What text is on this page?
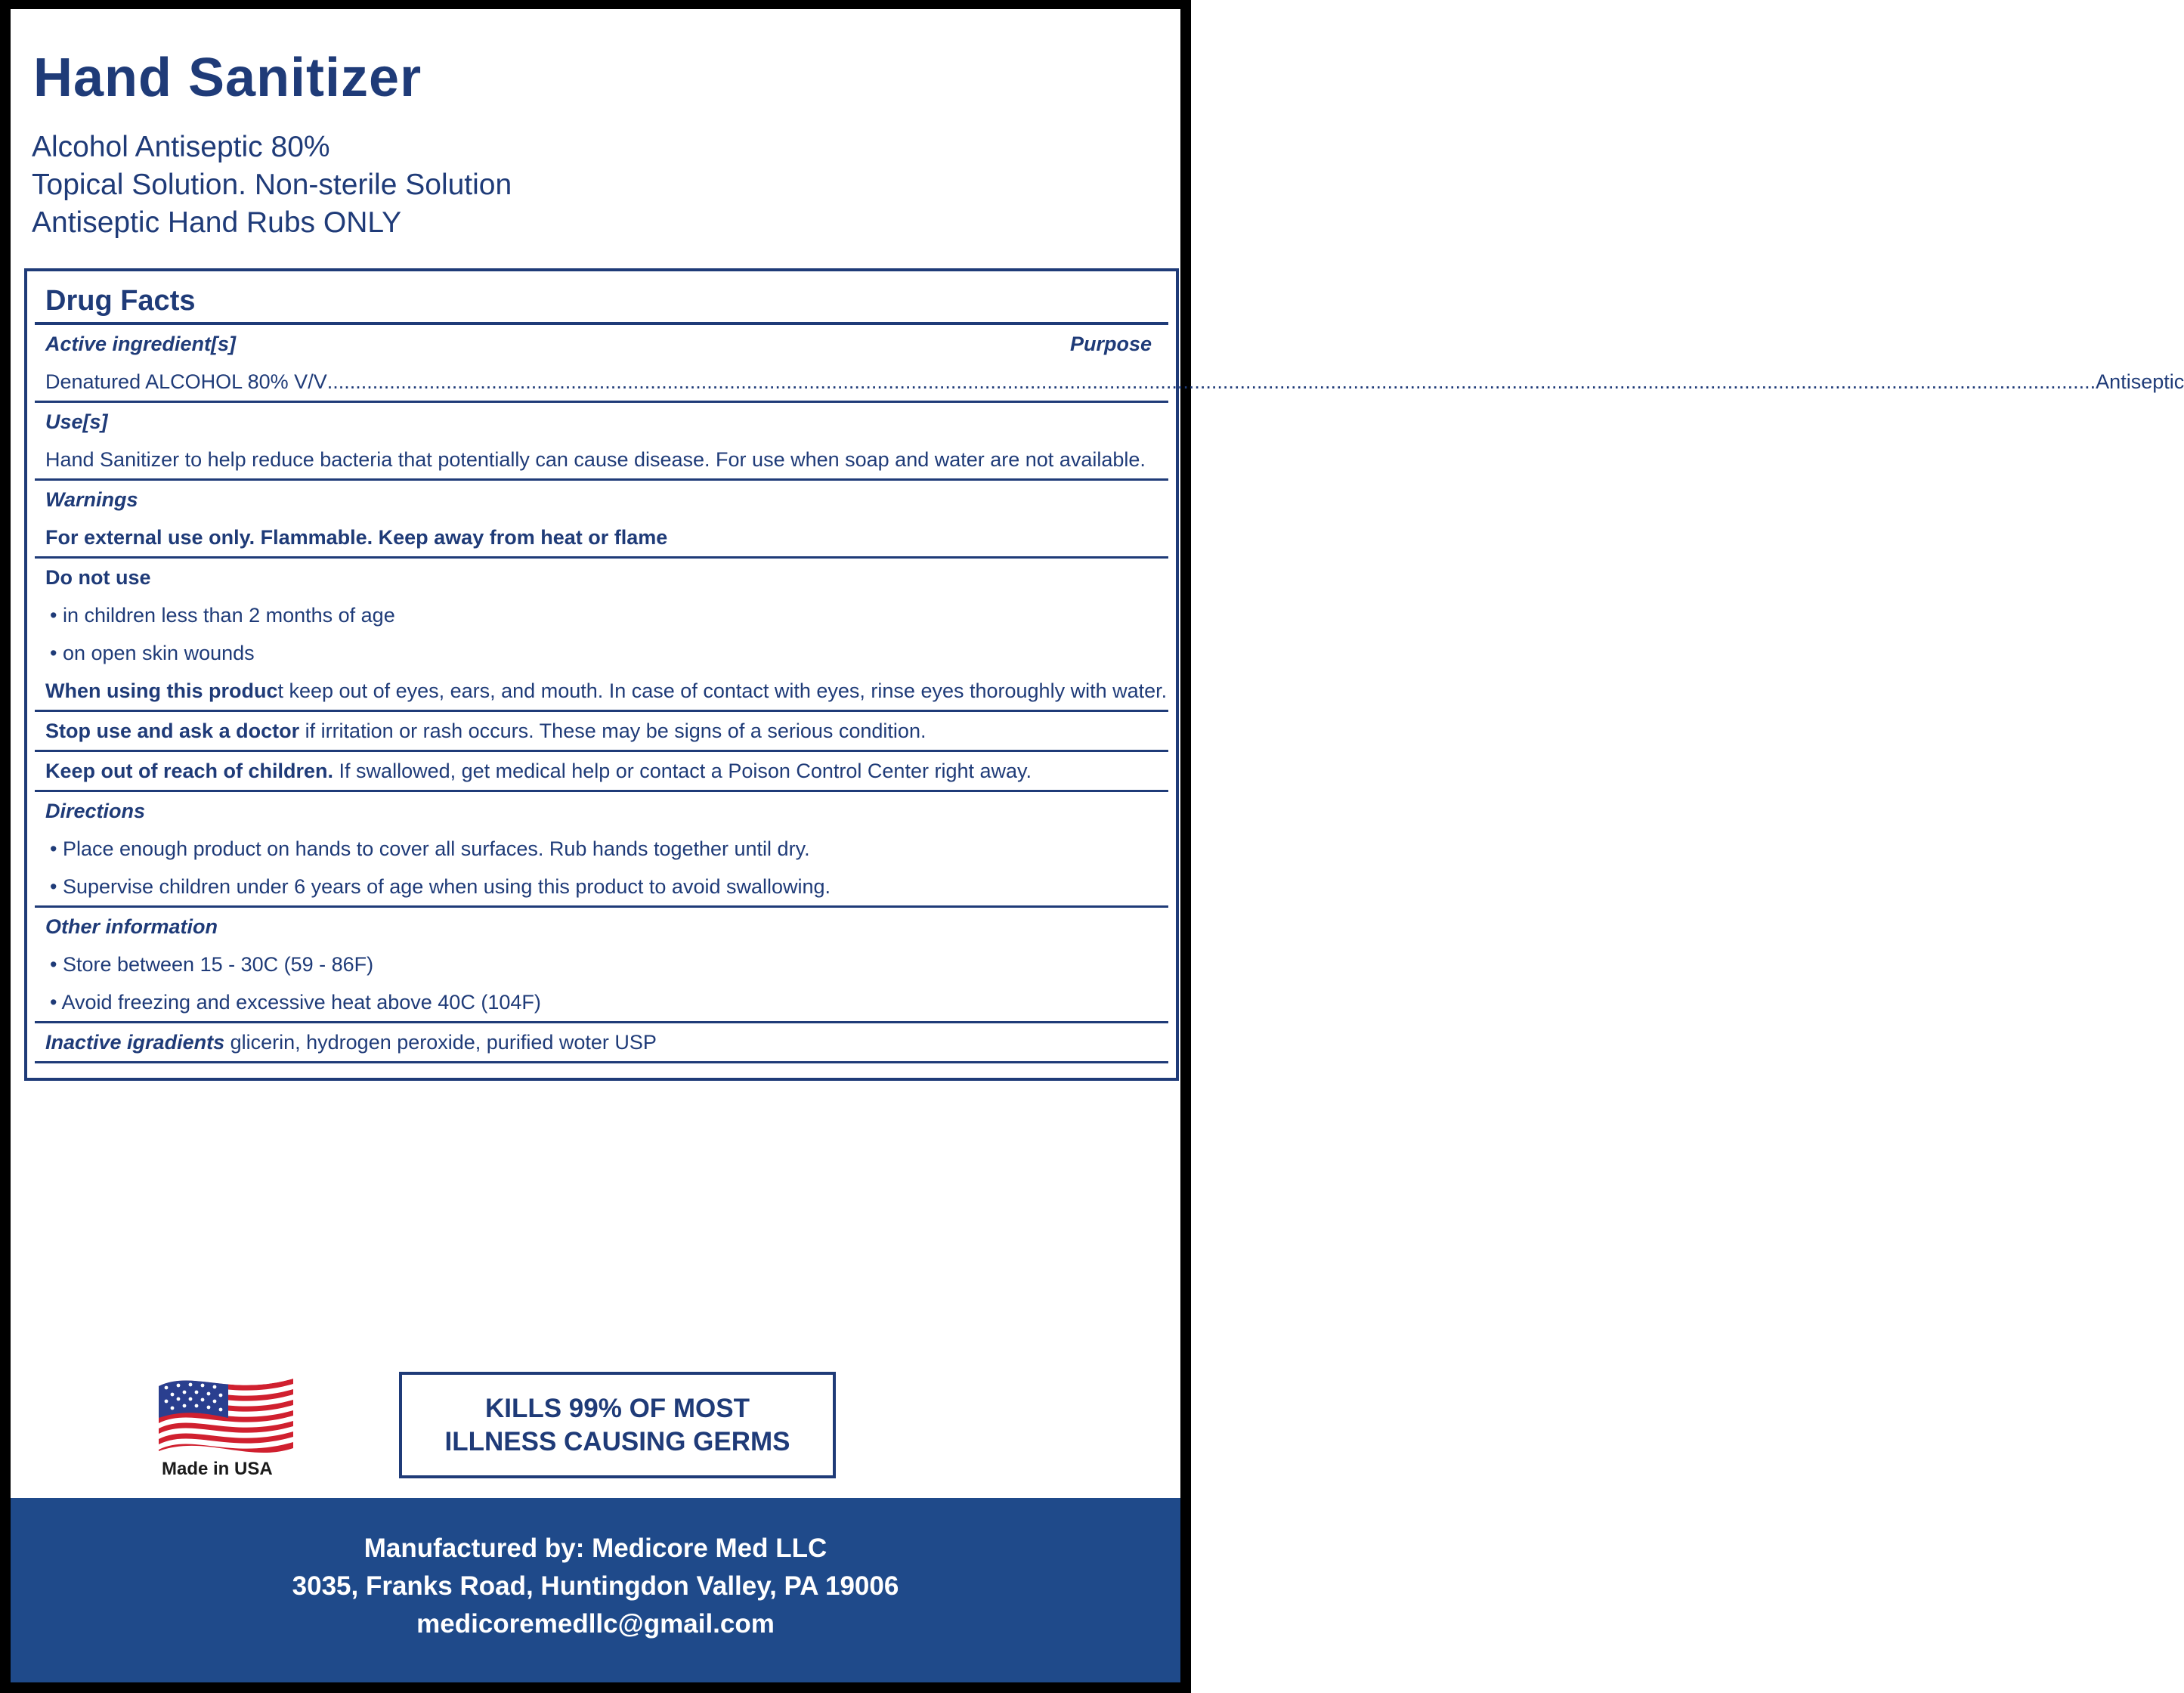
Hand Sanitizer
Alcohol Antiseptic 80%
Topical Solution. Non-sterile Solution
Antiseptic Hand Rubs ONLY
Drug Facts
Active ingredient[s]	Purpose
Denatured ALCOHOL 80% V/V ........................................................................................................................................................................................................................................................................................................................ Antiseptic
Use[s]
Hand Sanitizer to help reduce bacteria that potentially can cause disease. For use when soap and water are not available.
Warnings
For external use only. Flammable. Keep away from heat or flame
Do not use
• in children less than 2 months of age
• on open skin wounds
When using this product keep out of eyes, ears, and mouth. In case of contact with eyes, rinse eyes thoroughly with water.
Stop use and ask a doctor if irritation or rash occurs. These may be signs of a serious condition.
Keep out of reach of children. If swallowed, get medical help or contact a Poison Control Center right away.
Directions
• Place enough product on hands to cover all surfaces. Rub hands together until dry.
• Supervise children under 6 years of age when using this product to avoid swallowing.
Other information
• Store between 15 - 30C (59 - 86F)
• Avoid freezing and excessive heat above 40C (104F)
Inactive igradients glicerin, hydrogen peroxide, purified woter USP
Made in USA
KILLS 99% OF MOST
ILLNESS CAUSING GERMS
Manufactured by: Medicore Med LLC
3035, Franks Road, Huntingdon Valley, PA 19006
medicoremedllc@gmail.com
